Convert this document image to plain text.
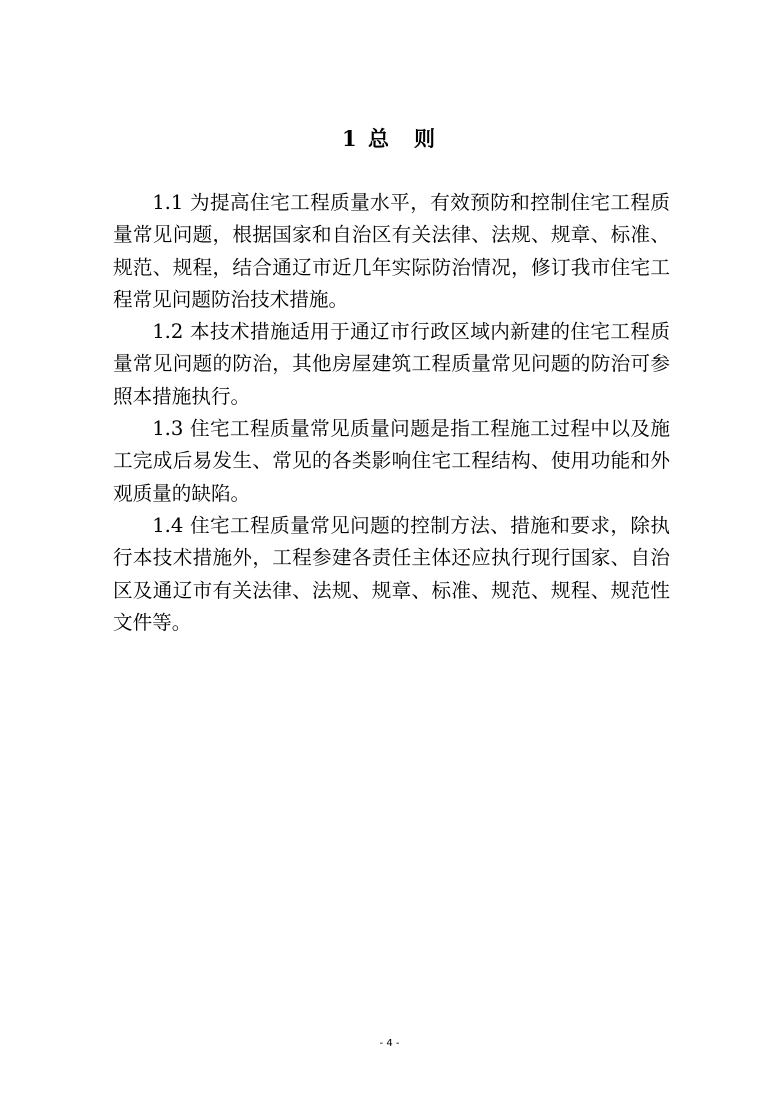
1 总　则

1.1 为提高住宅工程质量水平，有效预防和控制住宅工程质量常见问题，根据国家和自治区有关法律、法规、规章、标准、规范、规程，结合通辽市近几年实际防治情况，修订我市住宅工程常见问题防治技术措施。

1.2 本技术措施适用于通辽市行政区域内新建的住宅工程质量常见问题的防治，其他房屋建筑工程质量常见问题的防治可参照本措施执行。

1.3 住宅工程质量常见质量问题是指工程施工过程中以及施工完成后易发生、常见的各类影响住宅工程结构、使用功能和外观质量的缺陷。

1.4 住宅工程质量常见问题的控制方法、措施和要求，除执行本技术措施外，工程参建各责任主体还应执行现行国家、自治区及通辽市有关法律、法规、规章、标准、规范、规程、规范性文件等。

- 4 -
